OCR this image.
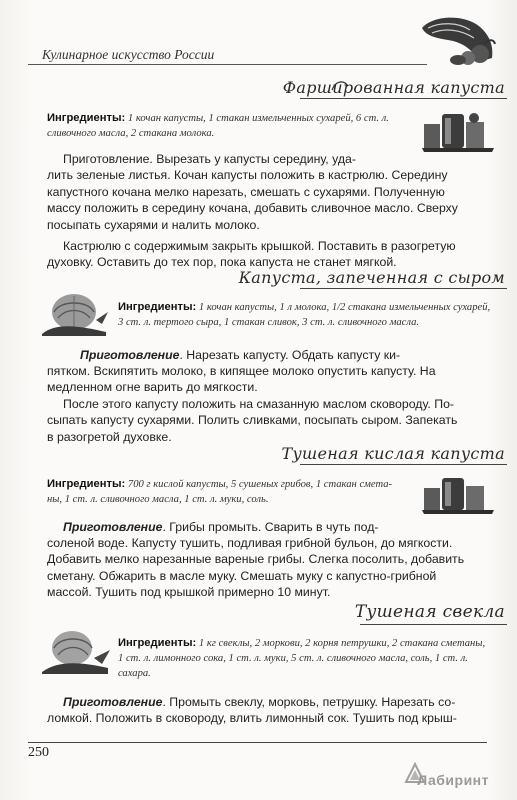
Кулинарное искусство России
Фаршированная капуста
Ингредиенты: 1 кочан капусты, 1 стакан измельченных сухарей, 6 ст. л.
сливочного масла, 2 стакана молока.
Приготовление. Вырезать у капусты середину, уда-
лить зеленые листья. Кочан капусты положить в кастрюлю. Середину
капустного кочана мелко нарезать, смешать с сухарями. Полученную
массу положить в середину кочана, добавить сливочное масло. Сверху
посыпать сухарями и налить молоко.
Кастрюлю с содержимым закрыть крышкой. Поставить в разогретую
духовку. Оставить до тех пор, пока капуста не станет мягкой.
Капуста, запеченная с сыром
Ингредиенты: 1 кочан капусты, 1 л молока, 1/2 стакана измельченных сухарей,
3 ст. л. тертого сыра, 1 стакан сливок, 3 ст. л. сливочного масла.
Приготовление. Нарезать капусту. Обдать капусту ки-
пятком. Вскипятить молоко, в кипящее молоко опустить капусту. На
медленном огне варить до мягкости.
После этого капусту положить на смазанную маслом сковороду. По-
сыпать капусту сухарями. Полить сливками, посыпать сыром. Запекать
в разогретой духовке.
Тушеная кислая капуста
Ингредиенты: 700 г кислой капусты, 5 сушеных грибов, 1 стакан смета-
ны, 1 ст. л. сливочного масла, 1 ст. л. муки, соль.
Приготовление. Грибы промыть. Сварить в чуть под-
соленой воде. Капусту тушить, подливая грибной бульон, до мягкости.
Добавить мелко нарезанные вареные грибы. Слегка посолить, добавить
сметану. Обжарить в масле муку. Смешать муку с капустно-грибной
массой. Тушить под крышкой примерно 10 минут.
Тушеная свекла
Ингредиенты: 1 кг свеклы, 2 моркови, 2 корня петрушки, 2 стакана сметаны,
1 ст. л. лимонного сока, 1 ст. л. муки, 5 ст. л. сливочного масла, соль, 1 ст. л.
сахара.
Приготовление. Промыть свеклу, морковь, петрушку. Нарезать со-
ломкой. Положить в сковороду, влить лимонный сок. Тушить под крыш-
250
Лабиринт
